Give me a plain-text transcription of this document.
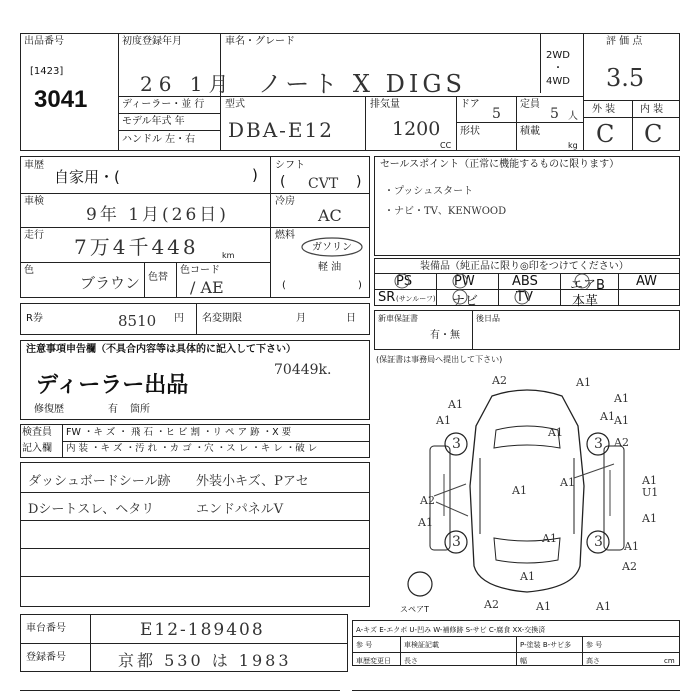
出品番号
[1423]
3041
初度登録年月
26 1月
車名・グレード
ノート X DIGS
2WD
・
4WD
評 価 点
3.5
外 装 内 装
C C
ディーラー・並 行
モデル年式 年
ハンドル 左・右
型式
DBA-E12
排気量
1200
CC
ドア
5
定員
5 人
形状	積載
kg
車歴
自家用・(	)
車検
9年 1月(26日)
走行 7万4千448	km
色
ブラウン 色替
色コード
/ AE
シフト
( CVT )
冷房
AC
燃料
ガソリン
軽 油
(	)
セールスポイント（正常に機能するものに限ります）
・プッシュスタート
・ナビ・TV、KENWOOD
装備品（純正品に限り◎印をつけてください）
PS	PW	ABS エアB AW
SR (サンルーフ) ナビ	TV	本革
R券	8510 円 名変期限	月	日	新車保証書
有・無
後日品
注意事項申告欄（不具合内容等は具体的に記入して下さい）
ディーラー出品
70449k.
修復歴	有 箇所
検査員
記入欄
FW ・キ ズ ・ 飛 石 ・ヒ ビ 割 ・リ ペ ア 跡 ・X 要
内 装 ・キ ズ ・汚 れ ・カ ゴ ・穴 ・ス レ ・キ レ ・破 レ
ダッシュボードシール跡 外装小キズ、Pアセ
Dシートスレ、ヘタリ	エンドパネルV
(保証書は事務局へ提出して下さい)
3	3
3	3
A2	A1
A1	A1
A1	A1 A1
U1
A1
A1
A2
A1
A1
A1
A2
A1
A1
A2
A2
A1	A1
A1
A1
スペアT
A-キズ E-エクボ U-凹み W-補修跡 S-サビ C-腐食 XX-交換済
P-塗装 B-サビ多
車歴変更日
参 号
長さ	幅	高さ	cm
車検証記載	参 号
車台番号	E12-189408
登録番号	京都 530 は 1983
